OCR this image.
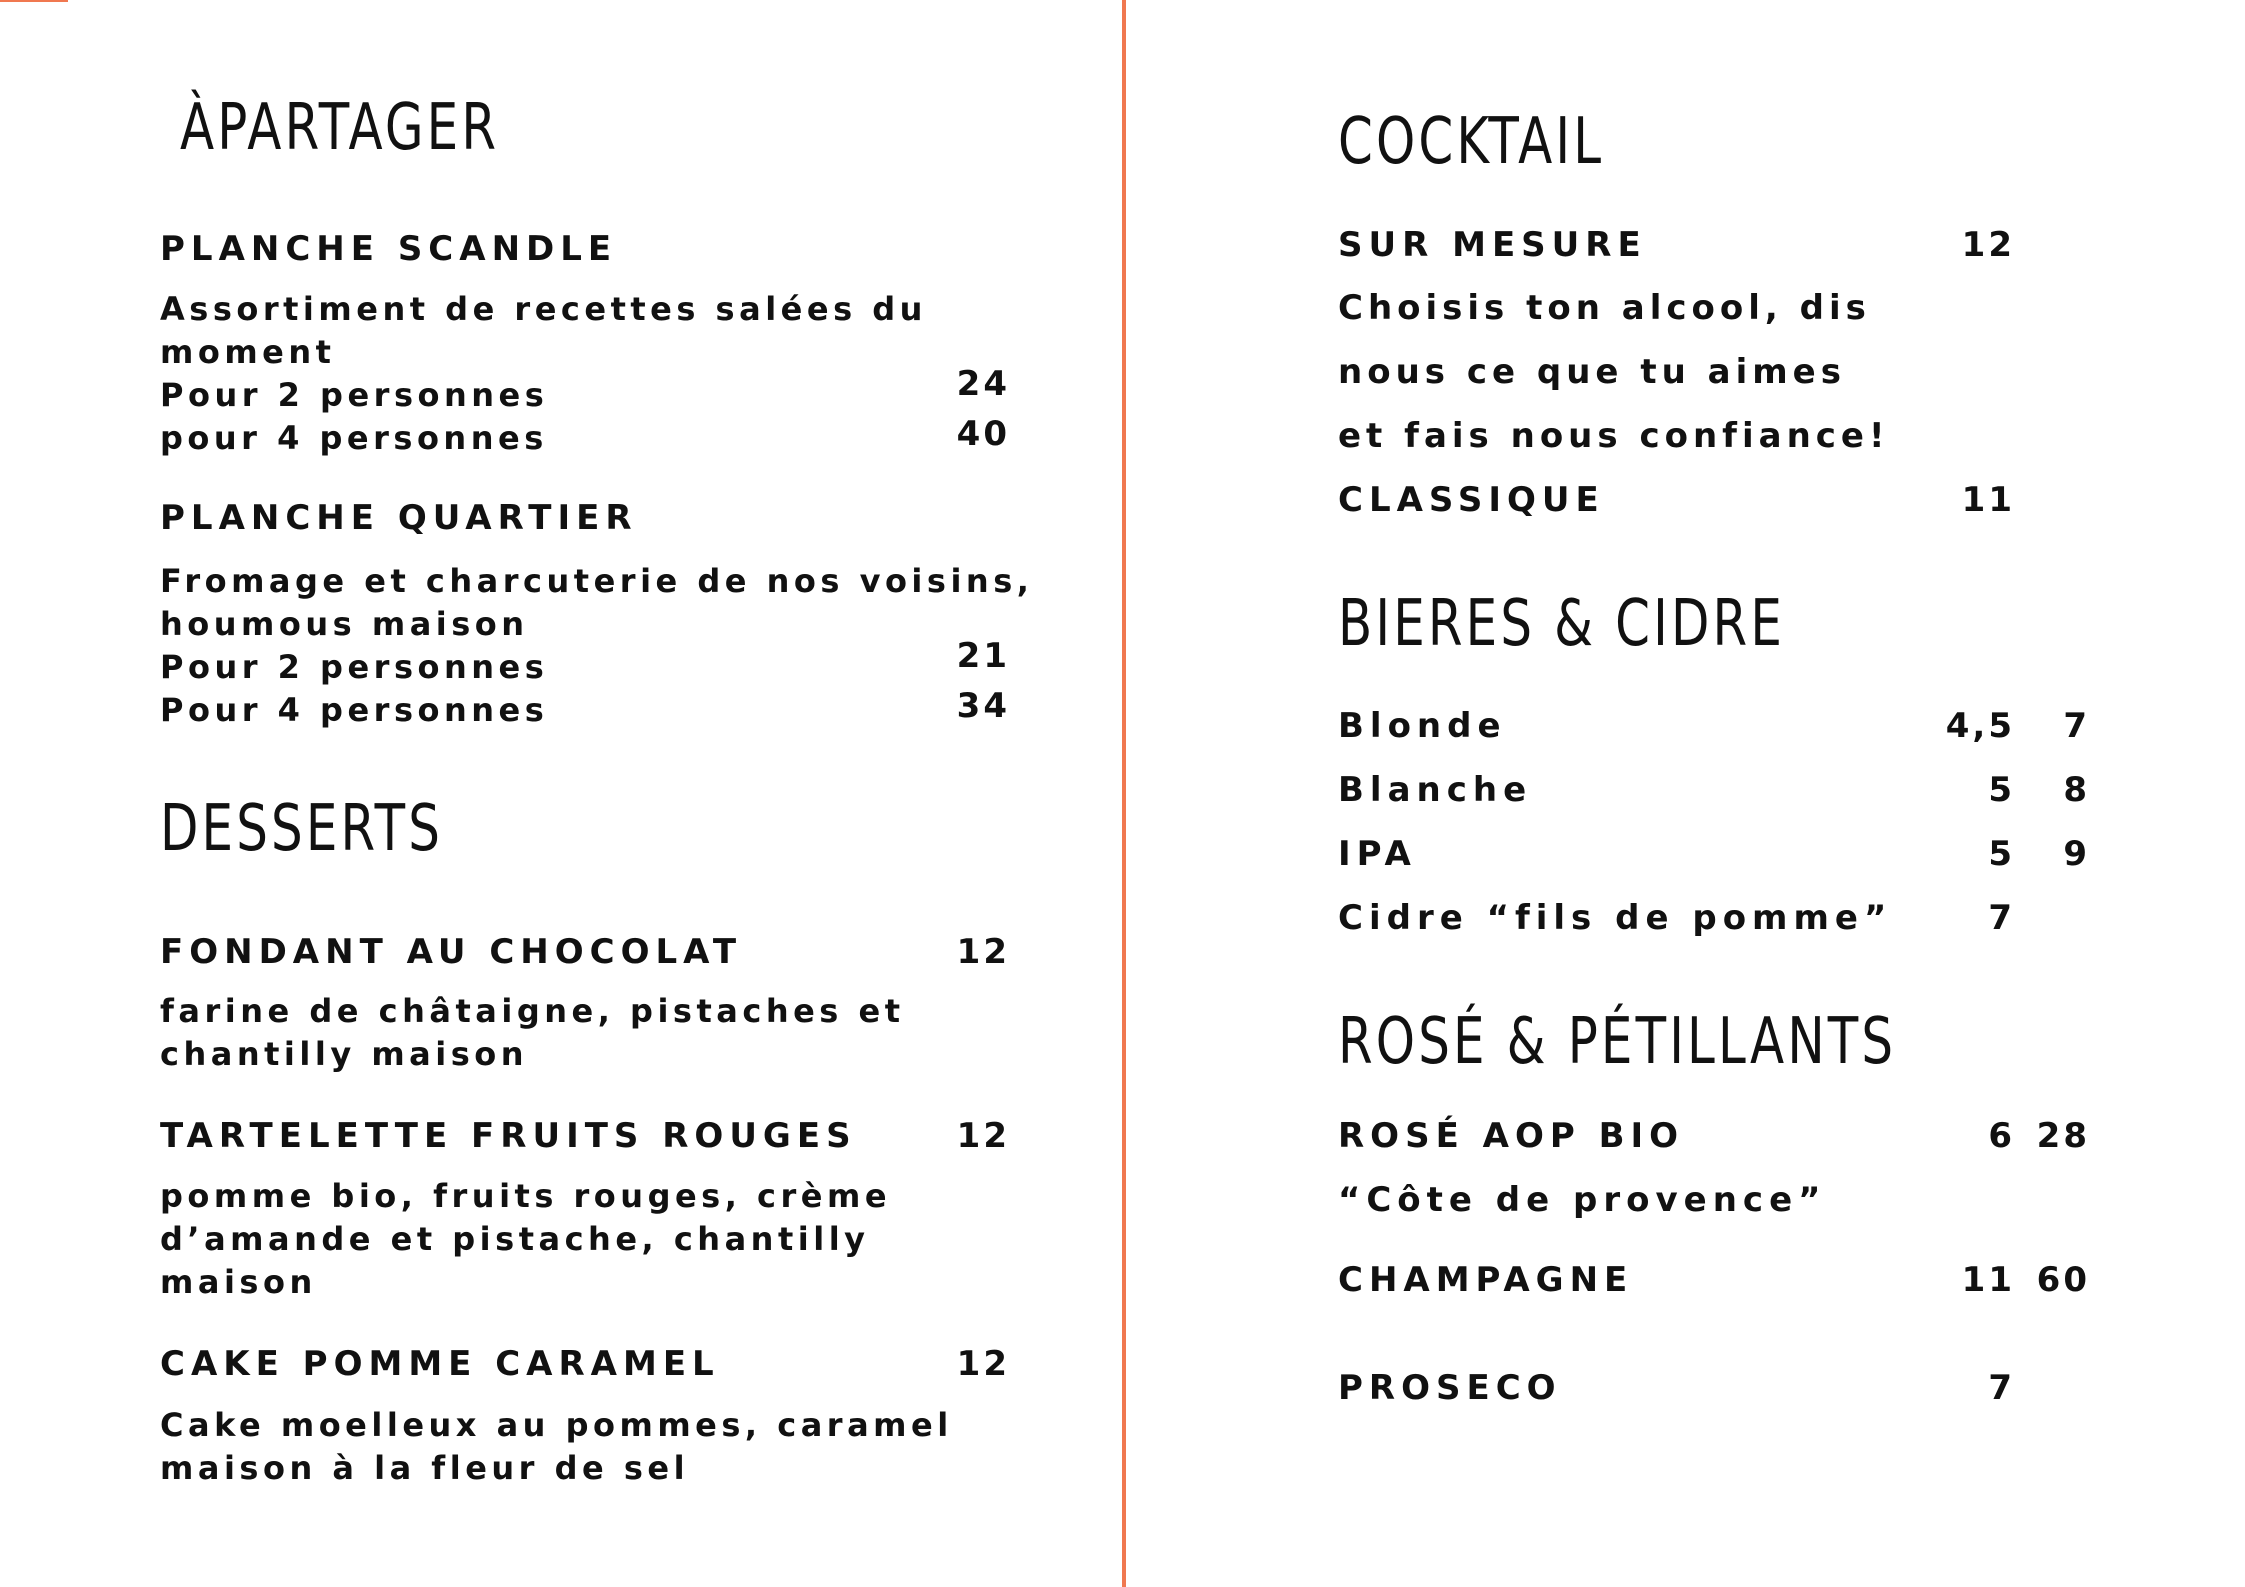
ÀPARTAGER
PLANCHE SCANDLE
Assortiment de recettes salées du
moment
Pour 2 personnes	24
pour 4 personnes	40
PLANCHE QUARTIER
Fromage et charcuterie de nos voisins,
houmous maison
Pour 2 personnes	21
Pour 4 personnes	34
DESSERTS
FONDANT AU CHOCOLAT	12
farine de châtaigne, pistaches et
chantilly maison
TARTELETTE FRUITS ROUGES	12
pomme bio, fruits rouges, crème
d’amande et pistache, chantilly
maison
CAKE POMME CARAMEL	12
Cake moelleux au pommes, caramel
maison à la fleur de sel
COCKTAIL
SUR MESURE	12
Choisis ton alcool, dis
nous ce que tu aimes
et fais nous confiance!
CLASSIQUE	11
BIERES & CIDRE
Blonde	4,5	7
Blanche	5	8
IPA	5	9
Cidre “fils de pomme”	7
ROSÉ & PÉTILLANTS
ROSÉ AOP BIO	6 28
“Côte de provence”
CHAMPAGNE	11 60
PROSECO	7
